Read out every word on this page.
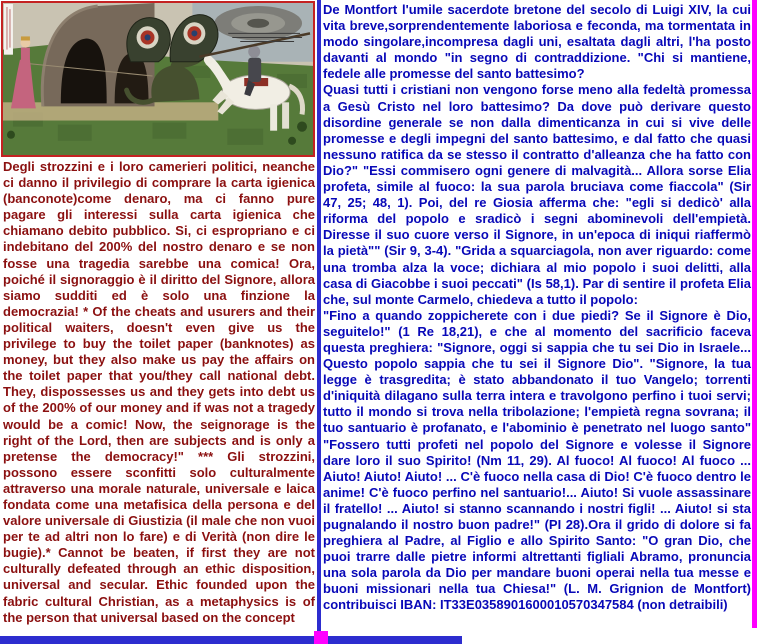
Degli strozzini e i loro camerieri politici, neanche ci danno il privilegio di comprare la carta igienica (banconote)come denaro, ma ci fanno pure pagare gli interessi sulla carta igienica che chiamano debito pubblico. Si, ci espropriano e ci indebitano del 200% del nostro denaro e se non fosse una tragedia sarebbe una comica! Ora, poiché il signoraggio è il diritto del Signore, allora siamo sudditi ed è solo una finzione la democrazia! * Of the cheats and usurers and their political waiters, doesn't even give us the privilege to buy the toilet paper (banknotes) as money, but they also make us pay the affairs on the toilet paper that you/they call national debt. They, dispossesses us and they gets into debt us of the 200% of our money and if was not a tragedy would be a comic! Now, the seignorage is the right of the Lord, then are subjects and is only a pretense the democracy!" *** Gli strozzini, possono essere sconfitti solo culturalmente attraverso una morale naturale, universale e laica fondata come una metafisica della persona e del valore universale di Giustizia (il male che non vuoi per te ad altri non lo fare) e di Verità (non dire le bugie).* Cannot be beaten, if first they are not culturally defeated through an ethic disposition, universal and secular. Ethic founded upon the fabric cultural Christian, as a metaphysics is of the person that universal based on the concept

De Montfort l'umile sacerdote bretone del secolo di Luigi XIV, la cui vita breve,sorprendentemente laboriosa e feconda, ma tormentata in modo singolare,incompresa dagli uni, esaltata dagli altri, l'ha posto davanti al mondo "in segno di contraddizione. "Chi si mantiene, fedele alle promesse del santo battesimo?

Quasi tutti i cristiani non vengono forse meno alla fedeltà promessa a Gesù Cristo nel loro battesimo? Da dove può derivare questo disordine generale se non dalla dimenticanza in cui si vive delle promesse e degli impegni del santo battesimo, e dal fatto che quasi nessuno ratifica da se stesso il contratto d'alleanza che ha fatto con Dio?" "Essi commisero ogni genere di malvagità... Allora sorse Elia profeta, simile al fuoco: la sua parola bruciava come fiaccola" (Sir 47, 25; 48, 1). Poi, del re Giosia afferma che: "egli si dedicò' alla riforma del popolo e sradicò i segni abominevoli dell'empietà. Diresse il suo cuore verso il Signore, in un'epoca di iniqui riaffermò la pietà"" (Sir 9, 3-4). "Grida a squarciagola, non aver riguardo: come una tromba alza la voce; dichiara al mio popolo i suoi delitti, alla casa di Giacobbe i suoi peccati" (Is 58,1). Par di sentire il profeta Elia che, sul monte Carmelo, chiedeva a tutto il popolo:

"Fino a quando zoppicherete con i due piedi? Se il Signore è Dio, seguitelo!" (1 Re 18,21), e che al momento del sacrificio faceva questa preghiera: "Signore, oggi si sappia che tu sei Dio in Israele... Questo popolo sappia che tu sei il Signore Dio". "Signore, la tua legge è trasgredita; è stato abbandonato il tuo Vangelo; torrenti d'iniquità dilagano sulla terra intera e travolgono perfino i tuoi servi; tutto il mondo si trova nella tribolazione; l'empietà regna sovrana; il tuo santuario è profanato, e l'abominio è penetrato nel luogo santo" "Fossero tutti profeti nel popolo del Signore e volesse il Signore dare loro il suo Spirito! (Nm 11, 29). Al fuoco! Al fuoco! Al fuoco ... Aiuto! Aiuto! Aiuto! ... C'è fuoco nella casa di Dio! C'è fuoco dentro le anime! C'è fuoco perfino nel santuario!... Aiuto! Si vuole assassinare il fratello! ... Aiuto! si stanno scannando i nostri figli! ... Aiuto! si sta pugnalando il nostro buon padre!" (PI 28).Ora il grido di dolore si fa preghiera al Padre, al Figlio e allo Spirito Santo: "O gran Dio, che puoi trarre dalle pietre informi altrettanti figliali Abramo, pronuncia una sola parola da Dio per mandare buoni operai nella tua messe e buoni missionari nella tua Chiesa!" (L. M. Grignion de Montfort) contribuisci IBAN: IT33E0358901600010570347584 (non detraibili)
